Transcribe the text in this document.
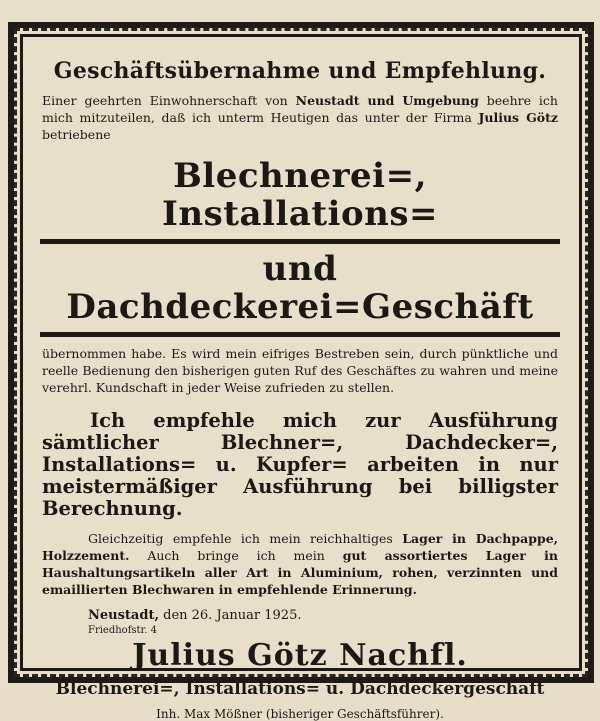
Geschäftsübernahme und Empfehlung.

Einer geehrten Einwohnerschaft von Neustadt und Umgebung beehre ich mich mitzuteilen, daß ich unterm Heutigen das unter der Firma Julius Götz betriebene

Blechnerei=, Installations=
und Dachdeckerei=Geschäft

übernommen habe. Es wird mein eifriges Bestreben sein, durch pünktliche und reelle Bedienung den bisherigen guten Ruf des Geschäftes zu wahren und meine verehrl. Kundschaft in jeder Weise zufrieden zu stellen.

Ich empfehle mich zur Ausführung sämtlicher Blechner=, Dachdecker=, Installations= u. Kupfer= arbeiten in nur meistermäßiger Ausführung bei billigster Berechnung.

Gleichzeitig empfehle ich mein reichhaltiges Lager in Dachpappe, Holzzement. Auch bringe ich mein gut assortiertes Lager in Haushaltungsartikeln aller Art in Aluminium, rohen, verzinnten und emaillierten Blechwaren in empfehlende Erinnerung.

Neustadt, den 26. Januar 1925.
Friedhofstr. 4
Julius Götz Nachfl.
Blechnerei=, Installations= u. Dachdeckergeschäft
Inh. Max Mößner (bisheriger Geschäftsführer).
